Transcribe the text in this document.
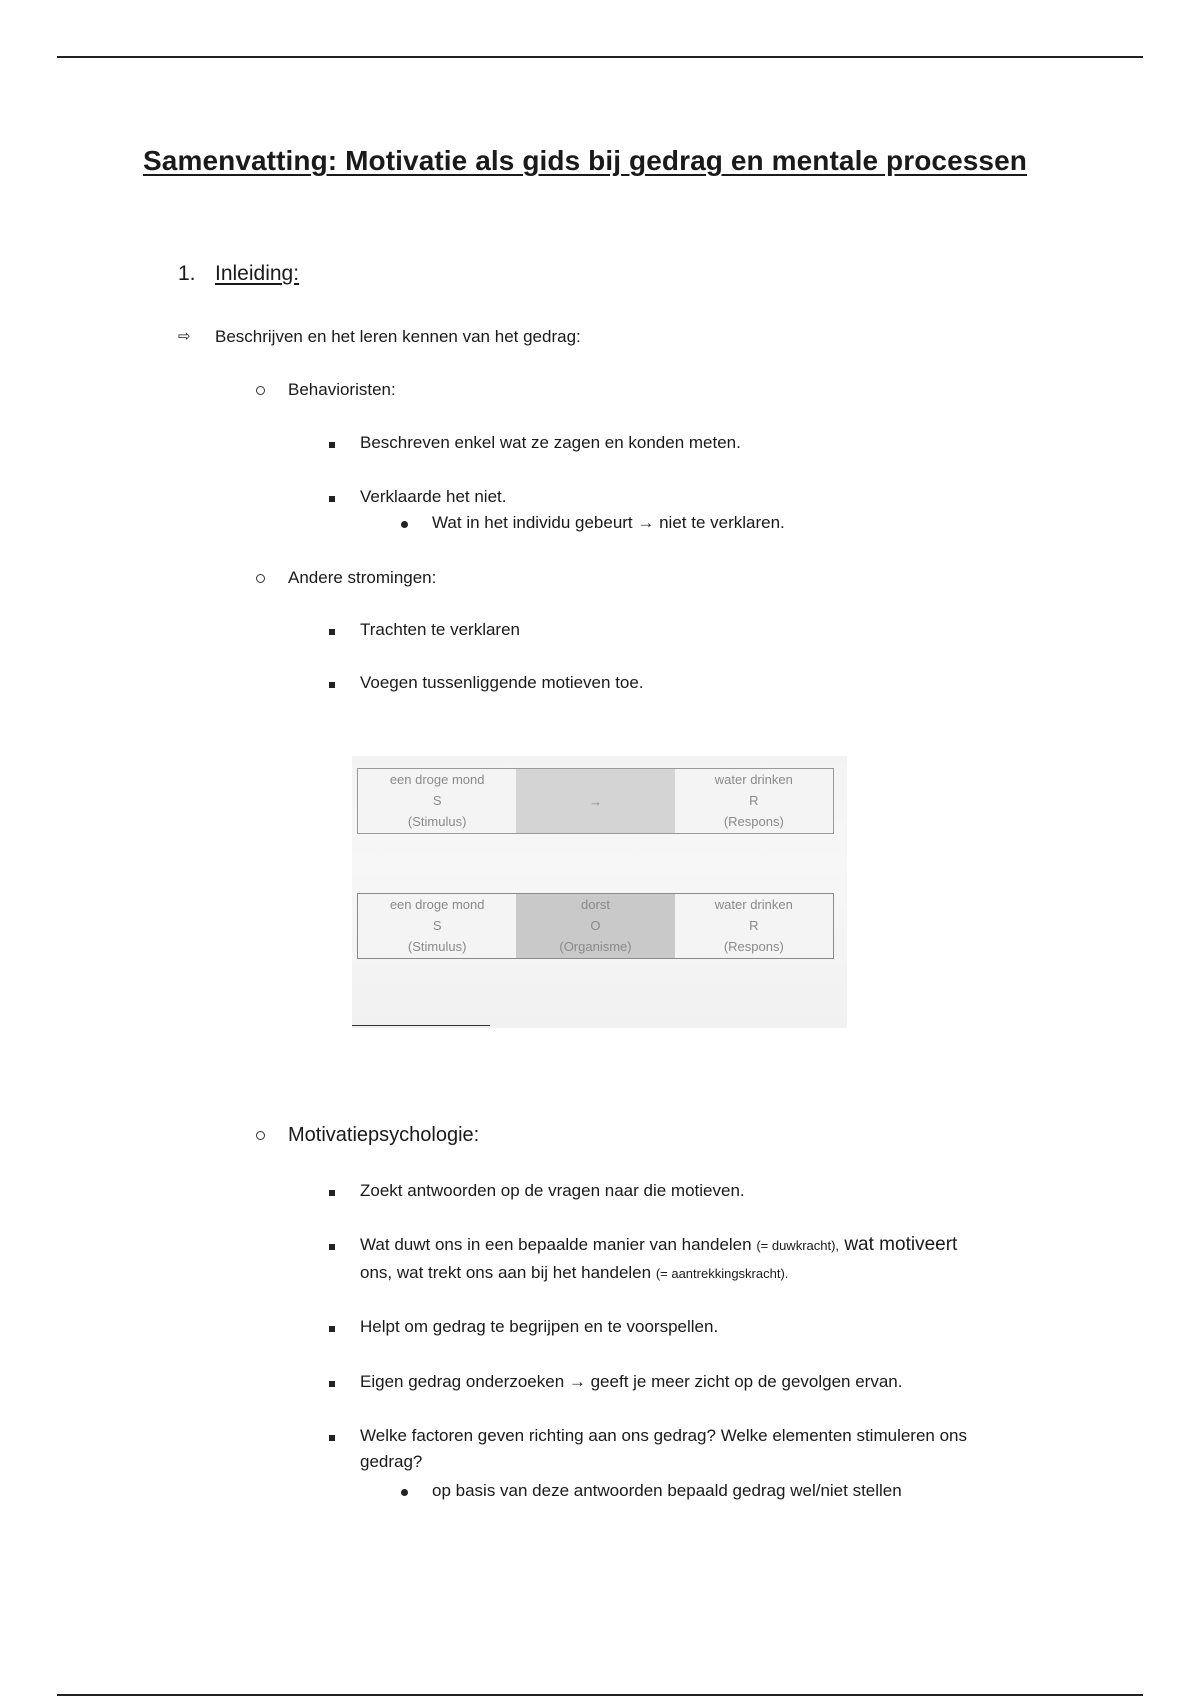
Samenvatting: Motivatie als gids bij gedrag en mentale processen
1. Inleiding:
⇨ Beschrijven en het leren kennen van het gedrag:
Behavioristen:
Beschreven enkel wat ze zagen en konden meten.
Verklaarde het niet.
Wat in het individu gebeurt → niet te verklaren.
Andere stromingen:
Trachten te verklaren
Voegen tussenliggende motieven toe.
een droge mond
S
(Stimulus)
→
water drinken
R
(Respons)
een droge mond
S
(Stimulus)
dorst
O
(Organisme)
water drinken
R
(Respons)
Motivatiepsychologie:
Zoekt antwoorden op de vragen naar die motieven.
Wat duwt ons in een bepaalde manier van handelen (= duwkracht), wat motiveert
ons, wat trekt ons aan bij het handelen (= aantrekkingskracht).
Helpt om gedrag te begrijpen en te voorspellen.
Eigen gedrag onderzoeken → geeft je meer zicht op de gevolgen ervan.
Welke factoren geven richting aan ons gedrag? Welke elementen stimuleren ons
gedrag?
op basis van deze antwoorden bepaald gedrag wel/niet stellen
